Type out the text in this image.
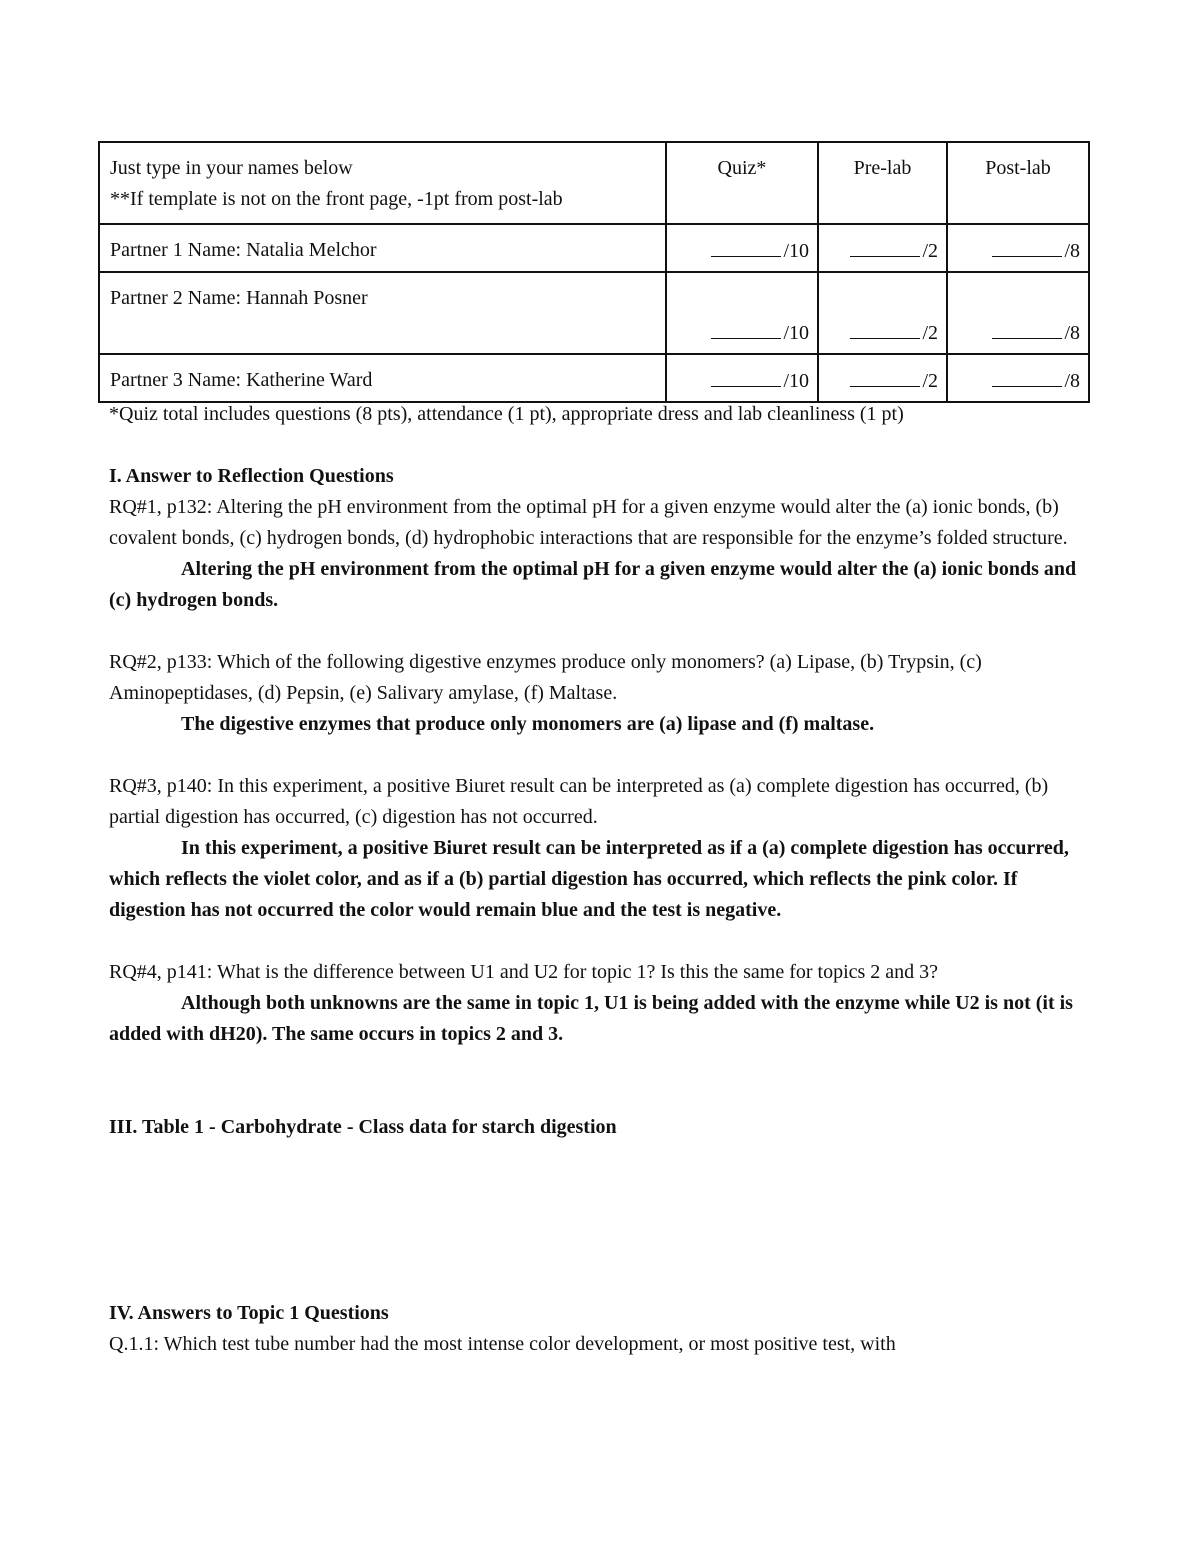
Just type in your names below
**If template is not on the front page, -1pt from post-lab	Quiz*	Pre-lab	Post-lab
Partner 1 Name: Natalia Melchor	/10	/2	/8
Partner 2 Name: Hannah Posner	/10	/2	/8
Partner 3 Name: Katherine Ward	/10	/2	/8

*Quiz total includes questions (8 pts), attendance (1 pt), appropriate dress and lab cleanliness (1 pt)

I. Answer to Reflection Questions

RQ#1, p132: Altering the pH environment from the optimal pH for a given enzyme would alter the (a) ionic bonds, (b) covalent bonds, (c) hydrogen bonds, (d) hydrophobic interactions that are responsible for the enzyme’s folded structure.

Altering the pH environment from the optimal pH for a given enzyme would alter the (a) ionic bonds and (c) hydrogen bonds.

RQ#2, p133: Which of the following digestive enzymes produce only monomers? (a) Lipase, (b) Trypsin, (c) Aminopeptidases, (d) Pepsin, (e) Salivary amylase, (f) Maltase.

The digestive enzymes that produce only monomers are (a) lipase and (f) maltase.

RQ#3, p140: In this experiment, a positive Biuret result can be interpreted as (a) complete digestion has occurred, (b) partial digestion has occurred, (c) digestion has not occurred.

In this experiment, a positive Biuret result can be interpreted as if a (a) complete digestion has occurred, which reflects the violet color, and as if a (b) partial digestion has occurred, which reflects the pink color. If digestion has not occurred the color would remain blue and the test is negative.

RQ#4, p141: What is the difference between U1 and U2 for topic 1? Is this the same for topics 2 and 3?

Although both unknowns are the same in topic 1, U1 is being added with the enzyme while U2 is not (it is added with dH20). The same occurs in topics 2 and 3.

III. Table 1 - Carbohydrate - Class data for starch digestion

IV. Answers to Topic 1 Questions

Q.1.1: Which test tube number had the most intense color development, or most positive test, with
